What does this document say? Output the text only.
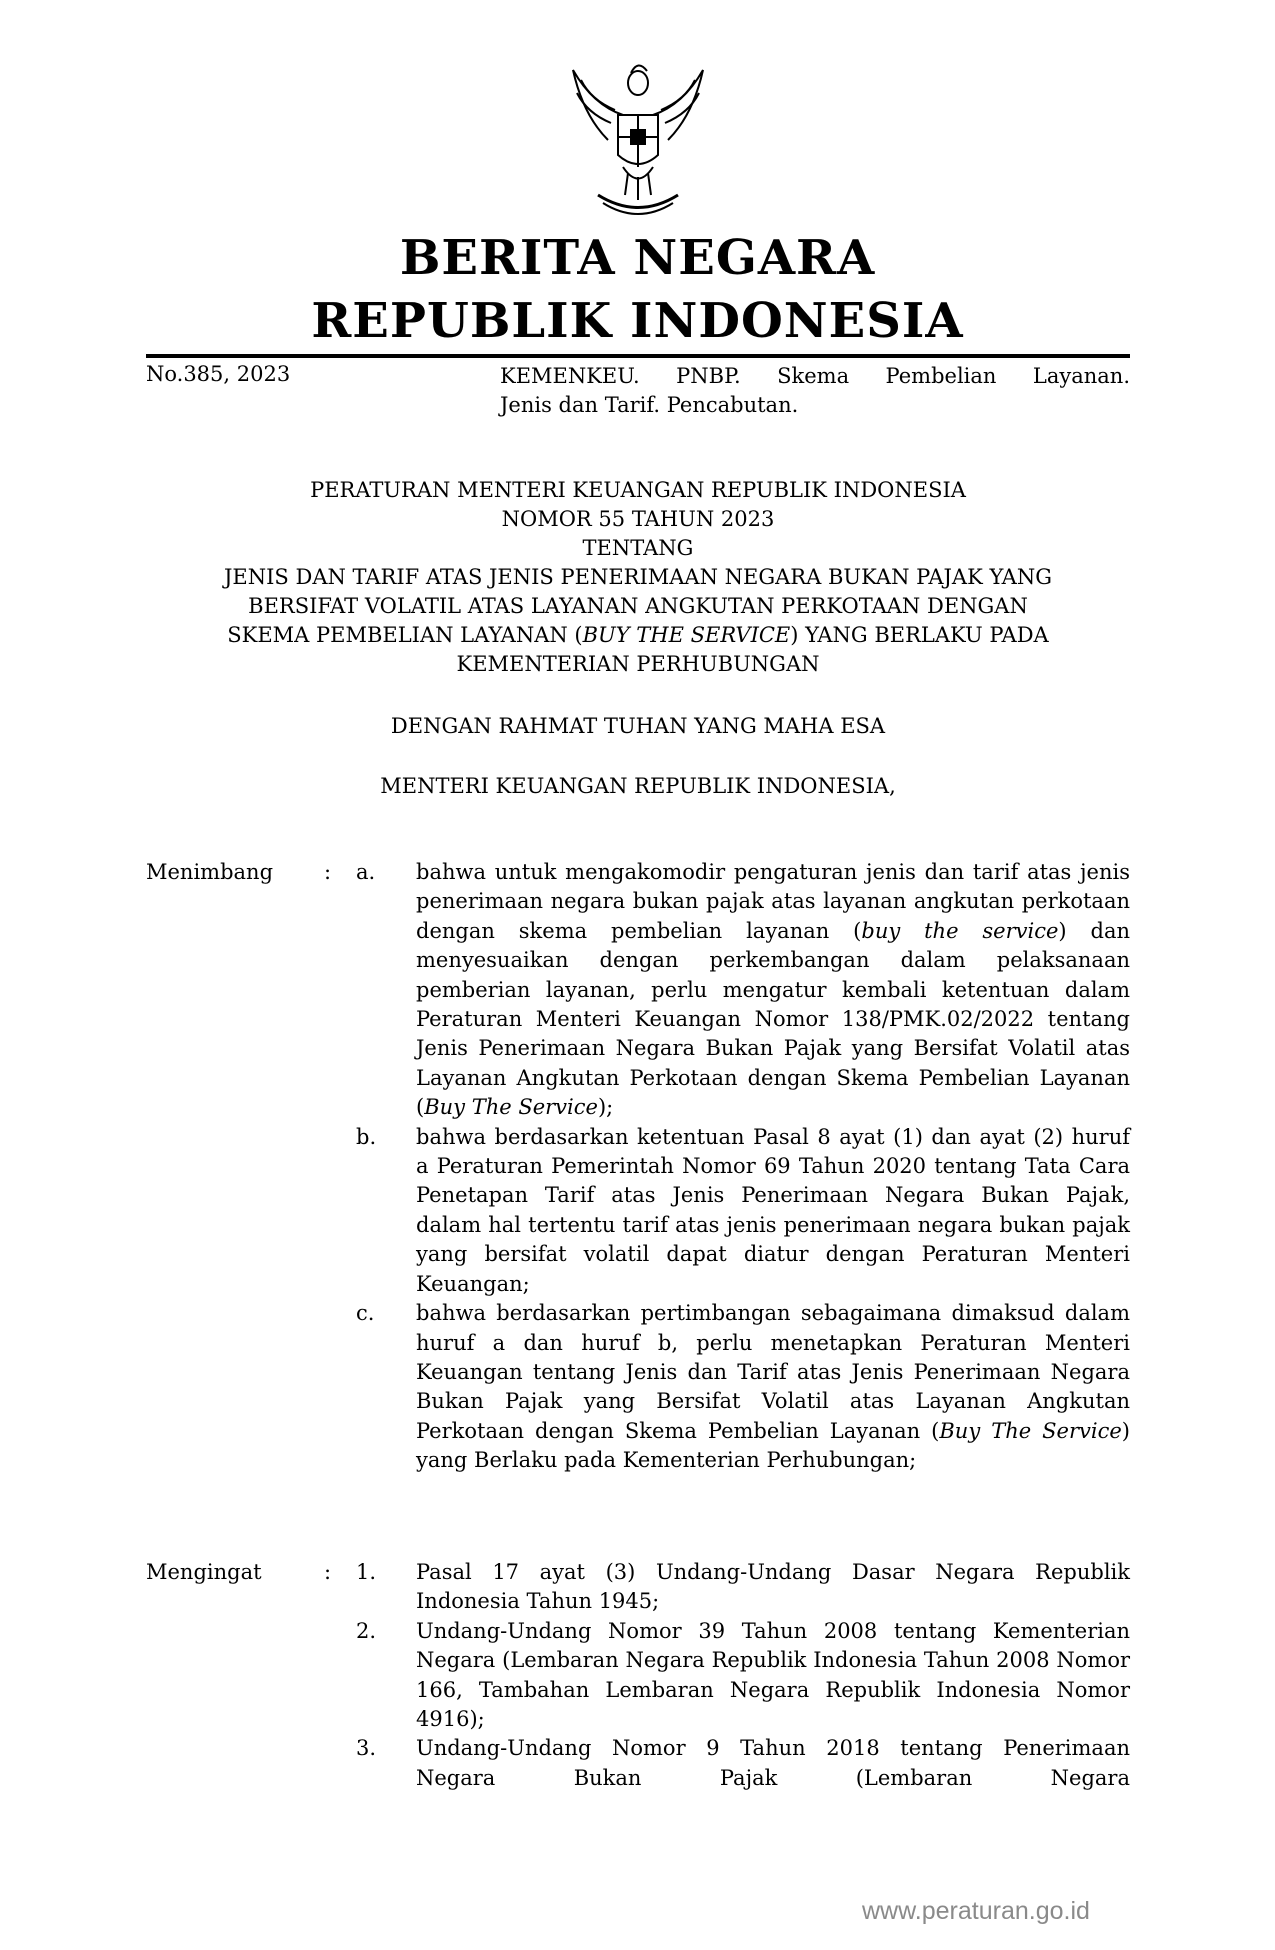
BERITA NEGARA
REPUBLIK INDONESIA
No.385, 2023	KEMENKEU. PNBP. Skema Pembelian Layanan.
Jenis dan Tarif. Pencabutan.
PERATURAN MENTERI KEUANGAN REPUBLIK INDONESIA
NOMOR 55 TAHUN 2023
TENTANG
JENIS DAN TARIF ATAS JENIS PENERIMAAN NEGARA BUKAN PAJAK YANG
BERSIFAT VOLATIL ATAS LAYANAN ANGKUTAN PERKOTAAN DENGAN
SKEMA PEMBELIAN LAYANAN (BUY THE SERVICE) YANG BERLAKU PADA
KEMENTERIAN PERHUBUNGAN
DENGAN RAHMAT TUHAN YANG MAHA ESA
MENTERI KEUANGAN REPUBLIK INDONESIA,
Menimbang : a. bahwa untuk mengakomodir pengaturan jenis dan tarif atas jenis penerimaan negara bukan pajak atas layanan angkutan perkotaan dengan skema pembelian layanan (buy the service) dan menyesuaikan dengan perkembangan dalam pelaksanaan pemberian layanan, perlu mengatur kembali ketentuan dalam Peraturan Menteri Keuangan Nomor 138/PMK.02/2022 tentang Jenis Penerimaan Negara Bukan Pajak yang Bersifat Volatil atas Layanan Angkutan Perkotaan dengan Skema Pembelian Layanan (Buy The Service);
b. bahwa berdasarkan ketentuan Pasal 8 ayat (1) dan ayat (2) huruf a Peraturan Pemerintah Nomor 69 Tahun 2020 tentang Tata Cara Penetapan Tarif atas Jenis Penerimaan Negara Bukan Pajak, dalam hal tertentu tarif atas jenis penerimaan negara bukan pajak yang bersifat volatil dapat diatur dengan Peraturan Menteri Keuangan;
c. bahwa berdasarkan pertimbangan sebagaimana dimaksud dalam huruf a dan huruf b, perlu menetapkan Peraturan Menteri Keuangan tentang Jenis dan Tarif atas Jenis Penerimaan Negara Bukan Pajak yang Bersifat Volatil atas Layanan Angkutan Perkotaan dengan Skema Pembelian Layanan (Buy The Service) yang Berlaku pada Kementerian Perhubungan;
Mengingat	: 1. Pasal 17 ayat (3) Undang-Undang Dasar Negara Republik Indonesia Tahun 1945;
2. Undang-Undang Nomor 39 Tahun 2008 tentang Kementerian Negara (Lembaran Negara Republik Indonesia Tahun 2008 Nomor 166, Tambahan Lembaran Negara Republik Indonesia Nomor 4916);
3. Undang-Undang Nomor 9 Tahun 2018 tentang Penerimaan Negara Bukan Pajak (Lembaran Negara
www.peraturan.go.id
